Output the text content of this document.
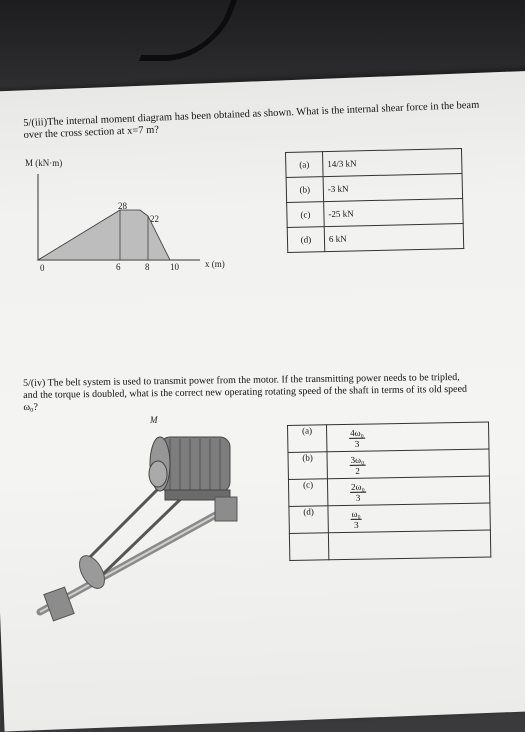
5/(iii)The internal moment diagram has been obtained as shown. What is the internal shear force in the beam over the cross section at x=7 m?
M (kN·m)
28
22
0	6	8 10	x (m)
(a)	14/3 kN
(b)	-3 kN
(c)	-25 kN
(d)	6 kN
5/(iv) The belt system is used to transmit power from the motor. If the transmitting power needs to be tripled, and the torque is doubled, what is the correct new operating rotating speed of the shaft in terms of its old speed ω₀?
M
(a)	$\frac{\text{4ω₀}}{3}$

(b)	$\frac{\text{3ω₀}}{2}$

(c)	$\frac{\text{2ω₀}}{3}$

(d)	$\frac{\text{ω₀}}{3}$
